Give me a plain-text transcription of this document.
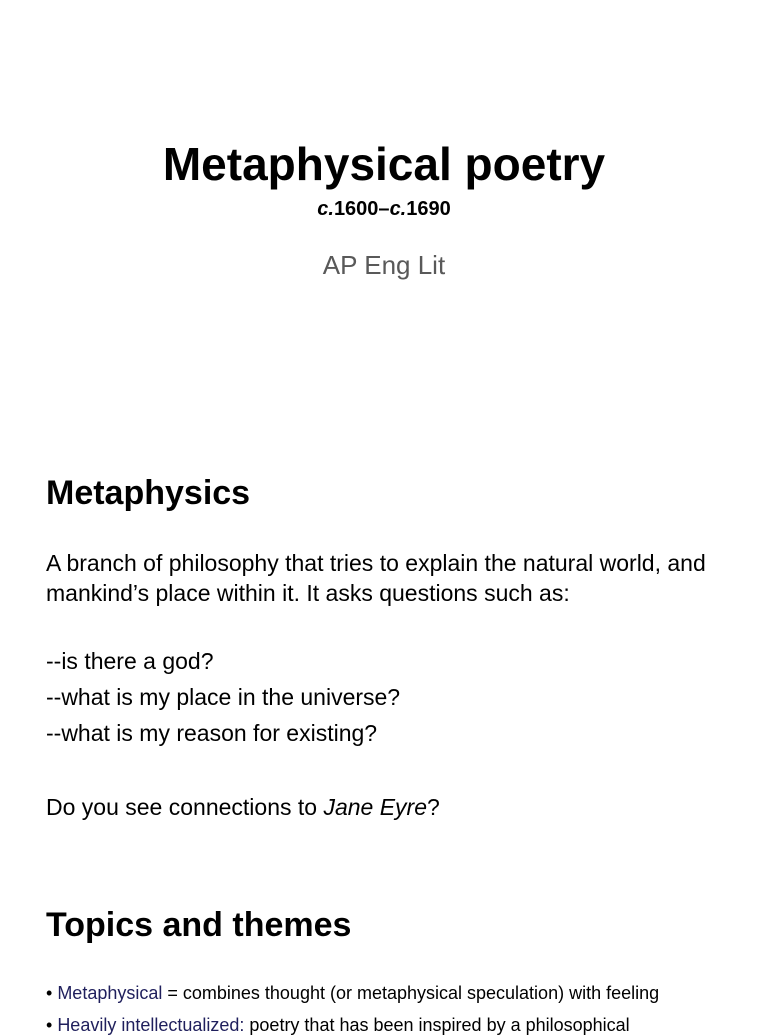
Metaphysical poetry
c.1600–c.1690
AP Eng Lit
Metaphysics
A branch of philosophy that tries to explain the natural world, and mankind’s place within it. It asks questions such as:
--is there a god?
--what is my place in the universe?
--what is my reason for existing?
Do you see connections to Jane Eyre?
Topics and themes
• Metaphysical = combines thought (or metaphysical speculation) with feeling
• Heavily intellectualized: poetry that has been inspired by a philosophical
